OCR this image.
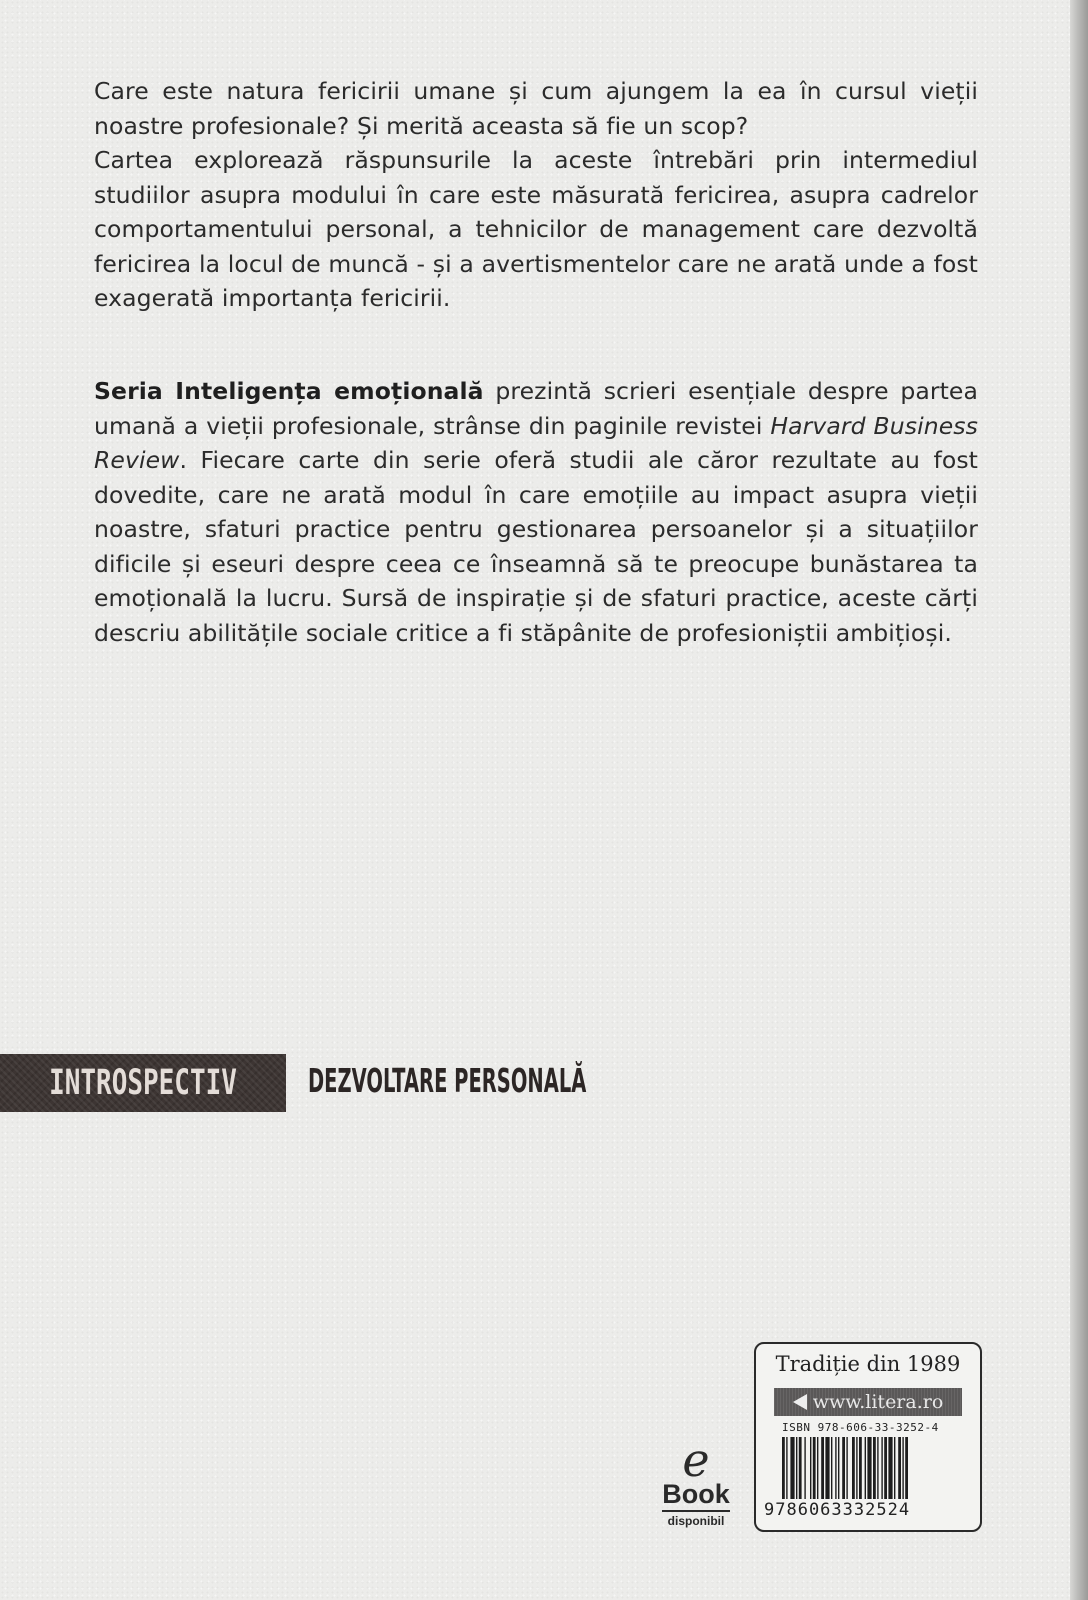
Care este natura fericirii umane și cum ajungem la ea în cursul vieții noastre profesionale? Și merită aceasta să fie un scop?

Cartea explorează răspunsurile la aceste întrebări prin intermediul studiilor asupra modului în care este măsurată fericirea, asupra cadrelor comportamentului personal, a tehnicilor de management care dezvoltă fericirea la locul de muncă - și a avertismentelor care ne arată unde a fost exagerată importanța fericirii.

Seria Inteligența emoțională prezintă scrieri esențiale despre partea umană a vieții profesionale, strânse din paginile revistei Harvard Business Review. Fiecare carte din serie oferă studii ale căror rezultate au fost dovedite, care ne arată modul în care emoțiile au impact asupra vieții noastre, sfaturi practice pentru gestionarea persoanelor și a situațiilor dificile și eseuri despre ceea ce înseamnă să te preocupe bunăstarea ta emoțională la lucru. Sursă de inspirație și de sfaturi practice, aceste cărți descriu abilitățile sociale critice a fi stăpânite de profesioniștii ambițioși.

INTROSPECTIV	DEZVOLTARE PERSONALĂ
e
Book
disponibil
Tradiție din 1989
www.litera.ro
ISBN 978-606-33-3252-4
9786063332524
